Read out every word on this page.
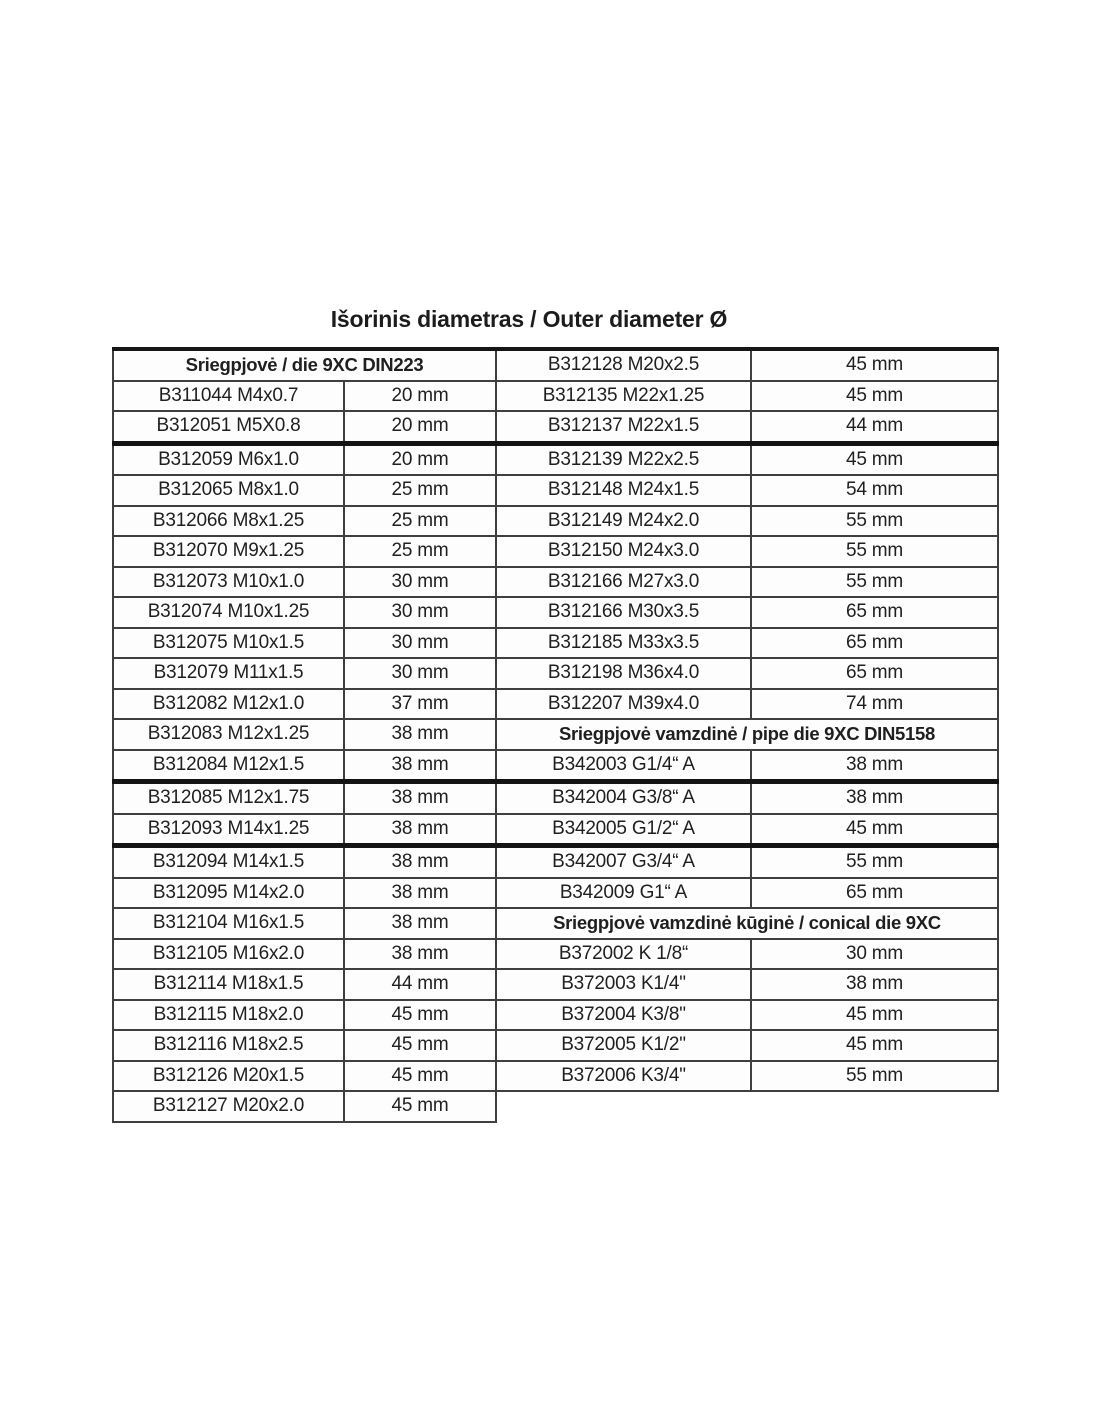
Išorinis diametras / Outer diameter Ø
Sriegpjovė / die 9XC DIN223	
B311044 M4x0.7	20 mm
B312051 M5X0.8	20 mm
B312059 M6x1.0	20 mm
B312065 M8x1.0	25 mm
B312066 M8x1.25	25 mm
B312070 M9x1.25	25 mm
B312073 M10x1.0	30 mm
B312074 M10x1.25	30 mm
B312075 M10x1.5	30 mm
B312079 M11x1.5	30 mm
B312082 M12x1.0	37 mm
B312083 M12x1.25	38 mm
B312084 M12x1.5	38 mm
B312085 M12x1.75	38 mm
B312093 M14x1.25	38 mm
B312094 M14x1.5	38 mm
B312095 M14x2.0	38 mm
B312104 M16x1.5	38 mm
B312105 M16x2.0	38 mm
B312114 M18x1.5	44 mm
B312115 M18x2.0	45 mm
B312116 M18x2.5	45 mm
B312126 M20x1.5	45 mm
B312127 M20x2.0	45 mm
B312128 M20x2.5	45 mm
B312135 M22x1.25	45 mm
B312137 M22x1.5	44 mm
B312139 M22x2.5	45 mm
B312148 M24x1.5	54 mm
B312149 M24x2.0	55 mm
B312150 M24x3.0	55 mm
B312166 M27x3.0	55 mm
B312166 M30x3.5	65 mm
B312185 M33x3.5	65 mm
B312198 M36x4.0	65 mm
B312207 M39x4.0	74 mm
Sriegpjovė vamzdinė / pipe die 9XC DIN5158	
B342003 G1/4“ A	38 mm
B342004 G3/8“ A	38 mm
B342005 G1/2“ A	45 mm
B342007 G3/4“ A	55 mm
B342009 G1“ A	65 mm
Sriegpjovė vamzdinė kūginė / conical die 9XC	
B372002 K 1/8“	30 mm
B372003 K1/4"	38 mm
B372004 K3/8"	45 mm
B372005 K1/2"	45 mm
B372006 K3/4"	55 mm
